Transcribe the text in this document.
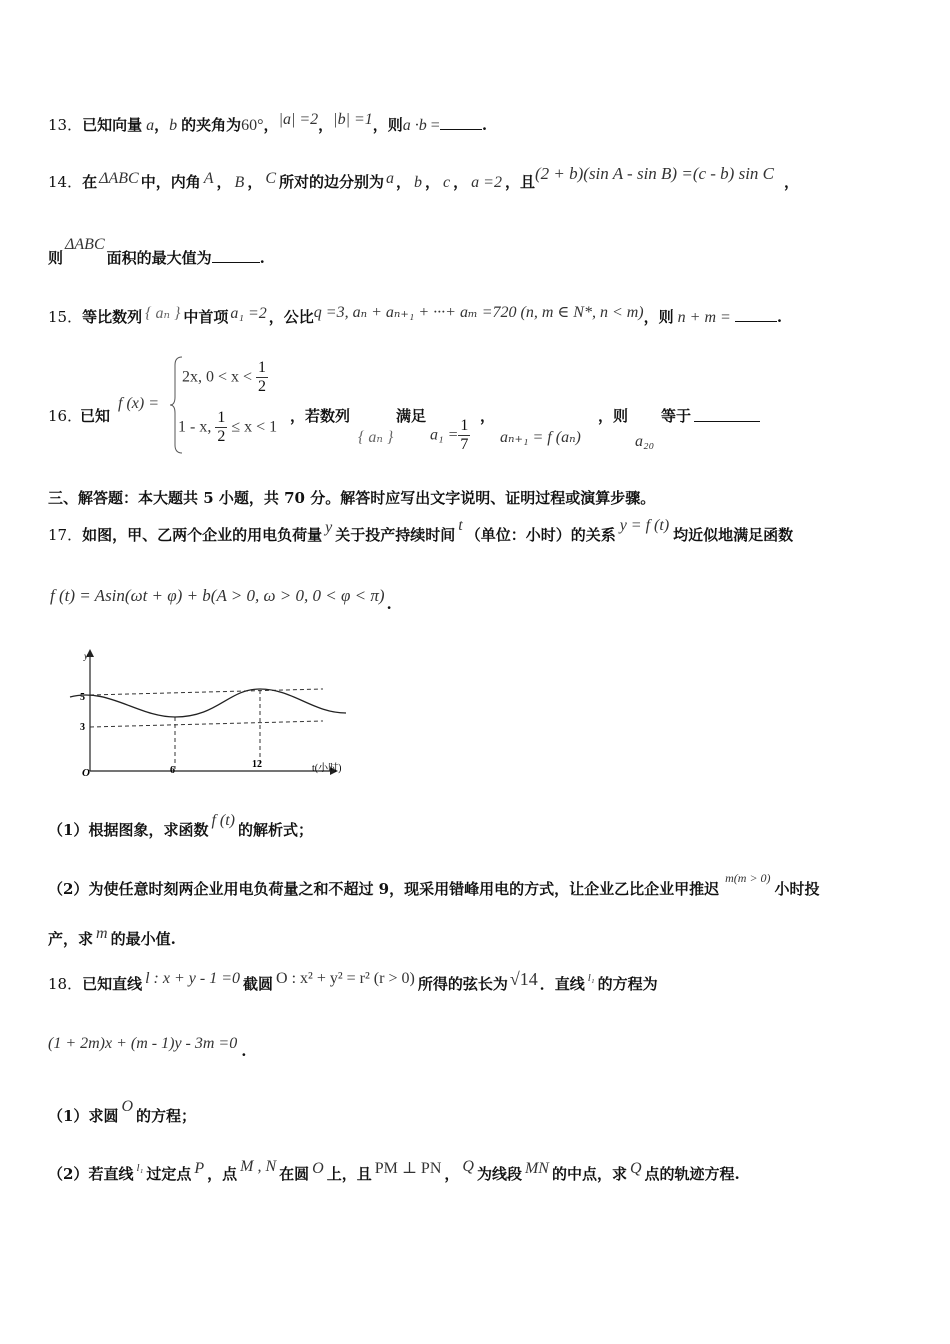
13．已知向量 a，b 的夹角为60°，|a| =2，|b| =1，则a ·b =	.
14．在 ΔABC 中，内角 A ， B ， C 所对的边分别为 a ， b ， c ， a =2 ，且(2 + b)(sin A - sin B) =(c - b) sin C ，
则ΔABC面积的最大值为	.
15．等比数列 { aₙ } 中首项 a₁ =2 ，公比q =3, aₙ + aₙ₊₁ + ···+ aₘ =720 (n, m ∈ N*, n < m)，则 n + m =	.
16．
已知
f (x) =
2x, $0 < x < \frac{1}{2}$
1 - x, $\frac{1}{2} \le x < 1$
，若数列
{ aₙ }
满足
$a_1 = \frac{1}{7}$
，
aₙ₊₁ = f (aₙ)
，则
a₂₀
等于
三、解答题：本大题共 5 小题，共 70 分。解答时应写出文字说明、证明过程或演算步骤。
17．如图，甲、乙两个企业的用电负荷量 y 关于投产持续时间t（单位：小时）的关系y = f (t)均近似地满足函数
f (t) = Asin(ωt + φ) + b(A > 0, ω > 0, 0 < φ < π) .
y
5
3
O	6
12	t(小时)
（1）根据图象，求函数f (t)的解析式；
（2）为使任意时刻两企业用电负荷量之和不超过 9，现采用错峰用电的方式，让企业乙比企业甲推迟$^{m(m > 0)}$小时投
产，求 m 的最小值.
18．已知直线 l : x + y - 1 =0 截圆 O : x² + y² = r² (r > 0) 所得的弦长为 √14 ．直线 $^{l_1}$ 的方程为
(1 + 2m)x + (m - 1)y - 3m =0 .
（1）求圆O的方程；
（2）若直线 $^{l_1}$ 过定点 P ，点 M , N 在圆 O 上，且 PM ⊥ PN ， Q 为线段 MN 的中点，求 Q 点的轨迹方程.
